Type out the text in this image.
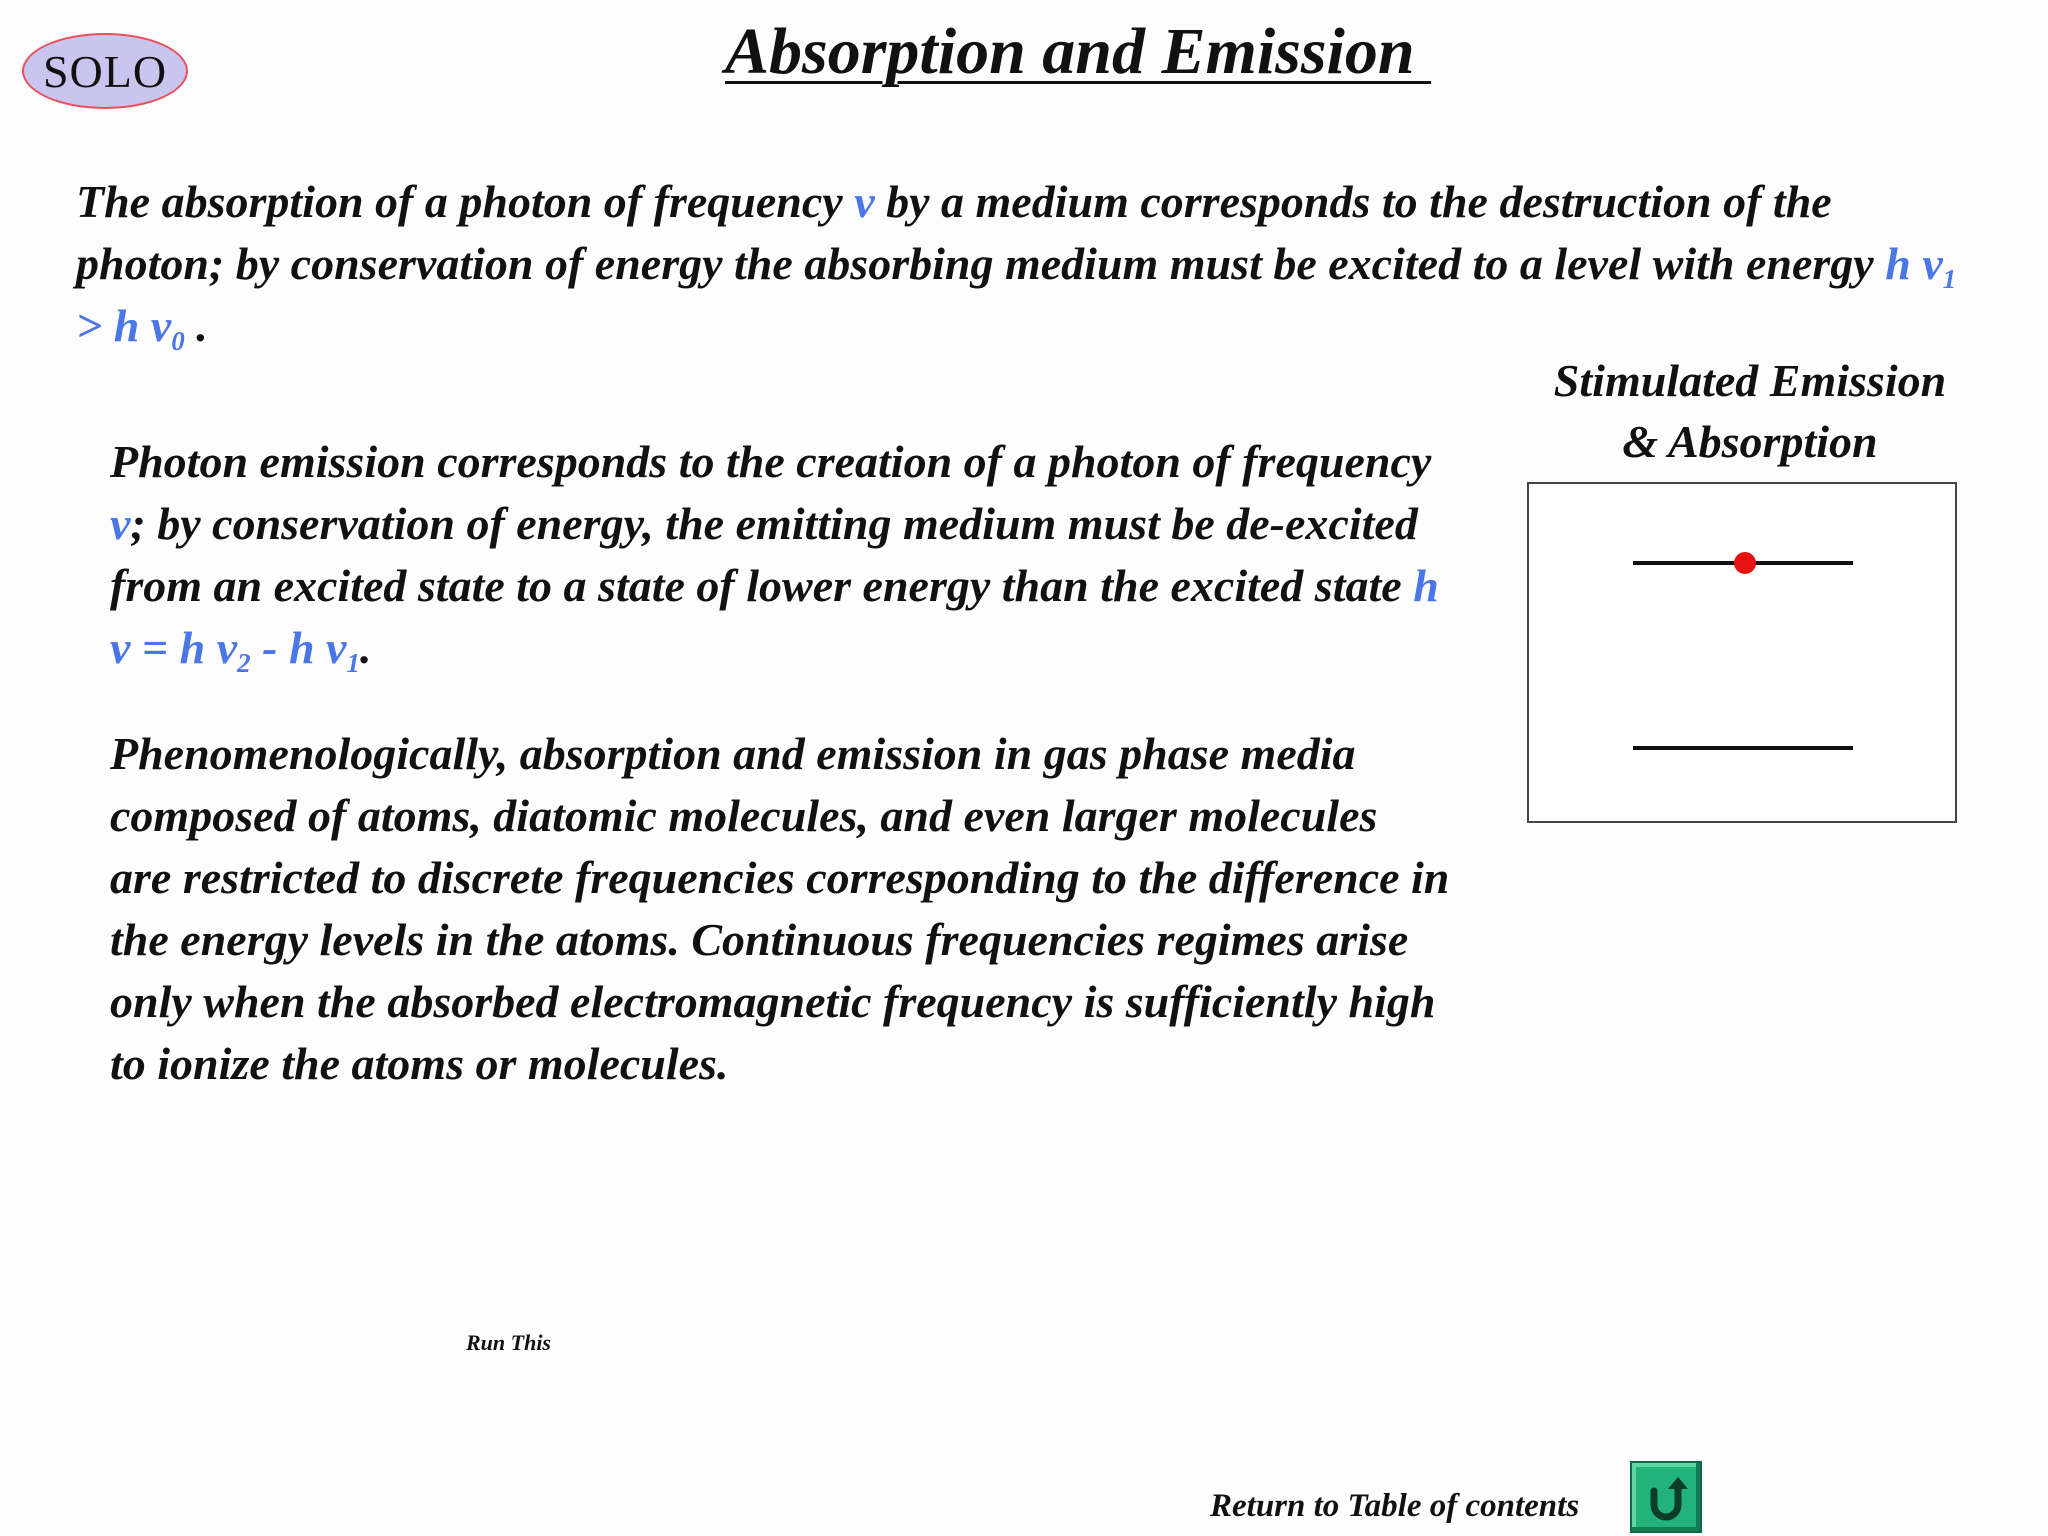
SOLO	Absorption and Emission

The absorption of a photon of frequency v by a medium corresponds to the destruction of the photon; by conservation of energy the absorbing medium must be excited to a level with energy h $v_1 > h$ $v_0$ .

Photon emission corresponds to the creation of a photon of frequency v; by conservation of energy, the emitting medium must be de-excited from an excited state to a state of lower energy than the excited state h v = h $v_2$ - h $v_1$.

Phenomenologically, absorption and emission in gas phase media composed of atoms, diatomic molecules, and even larger molecules are restricted to discrete frequencies corresponding to the difference in the energy levels in the atoms. Continuous frequencies regimes arise only when the absorbed electromagnetic frequency is sufficiently high to ionize the atoms or molecules.

Stimulated Emission
& Absorption
Run This
Return to Table of contents
